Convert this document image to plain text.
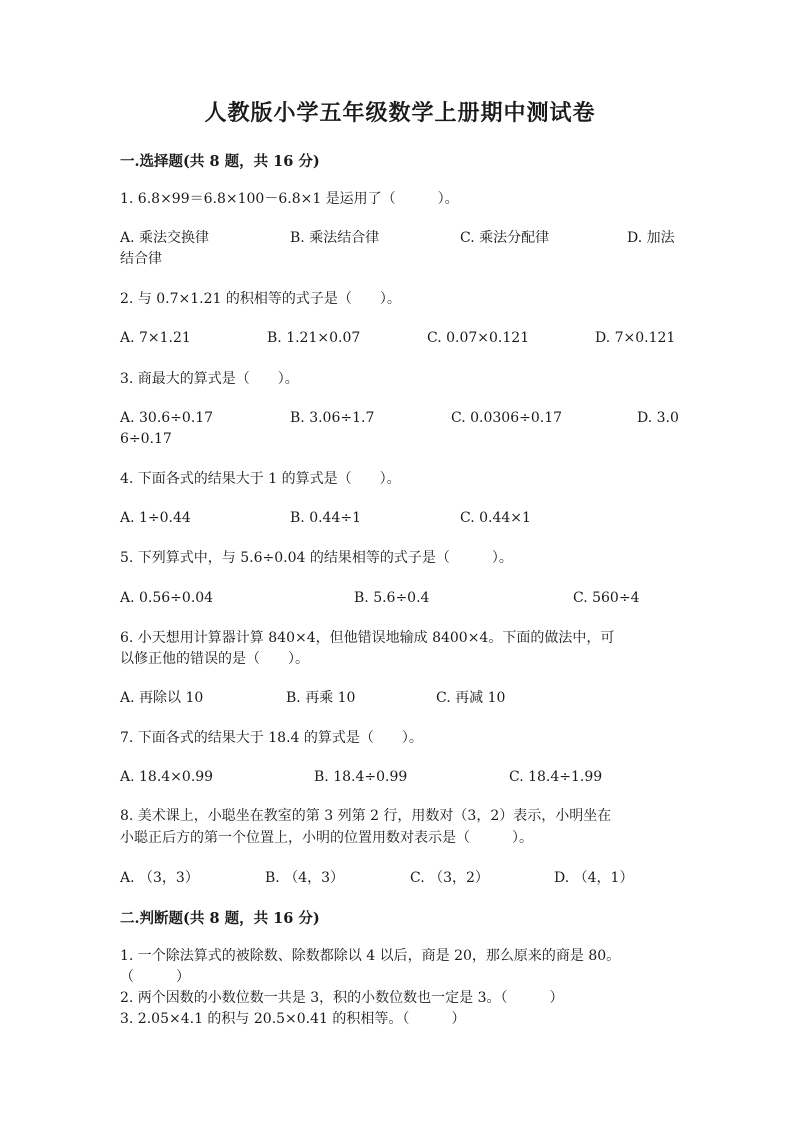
人教版小学五年级数学上册期中测试卷
一.选择题(共 8 题，共 16 分)
1. 6.8×99＝6.8×100－6.8×1 是运用了（　　　）。
A. 乘法交换律	B. 乘法结合律	C. 乘法分配律	D. 加法
结合律
2. 与 0.7×1.21 的积相等的式子是（　　）。
A. 7×1.21	B. 1.21×0.07	C. 0.07×0.121	D. 7×0.121
3. 商最大的算式是（　　）。
A. 30.6÷0.17	B. 3.06÷1.7	C. 0.0306÷0.17	D. 3.0
6÷0.17
4. 下面各式的结果大于 1 的算式是（　　）。
A. 1÷0.44	B. 0.44÷1	C. 0.44×1
5. 下列算式中，与 5.6÷0.04 的结果相等的式子是（　　　）。
A. 0.56÷0.04	B. 5.6÷0.4	C. 560÷4
6. 小天想用计算器计算 840×4，但他错误地输成 8400×4。下面的做法中，可
以修正他的错误的是（　　）。
A. 再除以 10	B. 再乘 10	C. 再减 10
7. 下面各式的结果大于 18.4 的算式是（　　）。
A. 18.4×0.99	B. 18.4÷0.99	C. 18.4÷1.99
8. 美术课上，小聪坐在教室的第 3 列第 2 行，用数对（3，2）表示，小明坐在
小聪正后方的第一个位置上，小明的位置用数对表示是（　　　）。
A. （3，3）	B. （4，3）	C. （3，2）	D. （4，1）
二.判断题(共 8 题，共 16 分)
1. 一个除法算式的被除数、除数都除以 4 以后，商是 20，那么原来的商是 80。
（　　　）
2. 两个因数的小数位数一共是 3，积的小数位数也一定是 3。（　　　）
3. 2.05×4.1 的积与 20.5×0.41 的积相等。（　　　）
